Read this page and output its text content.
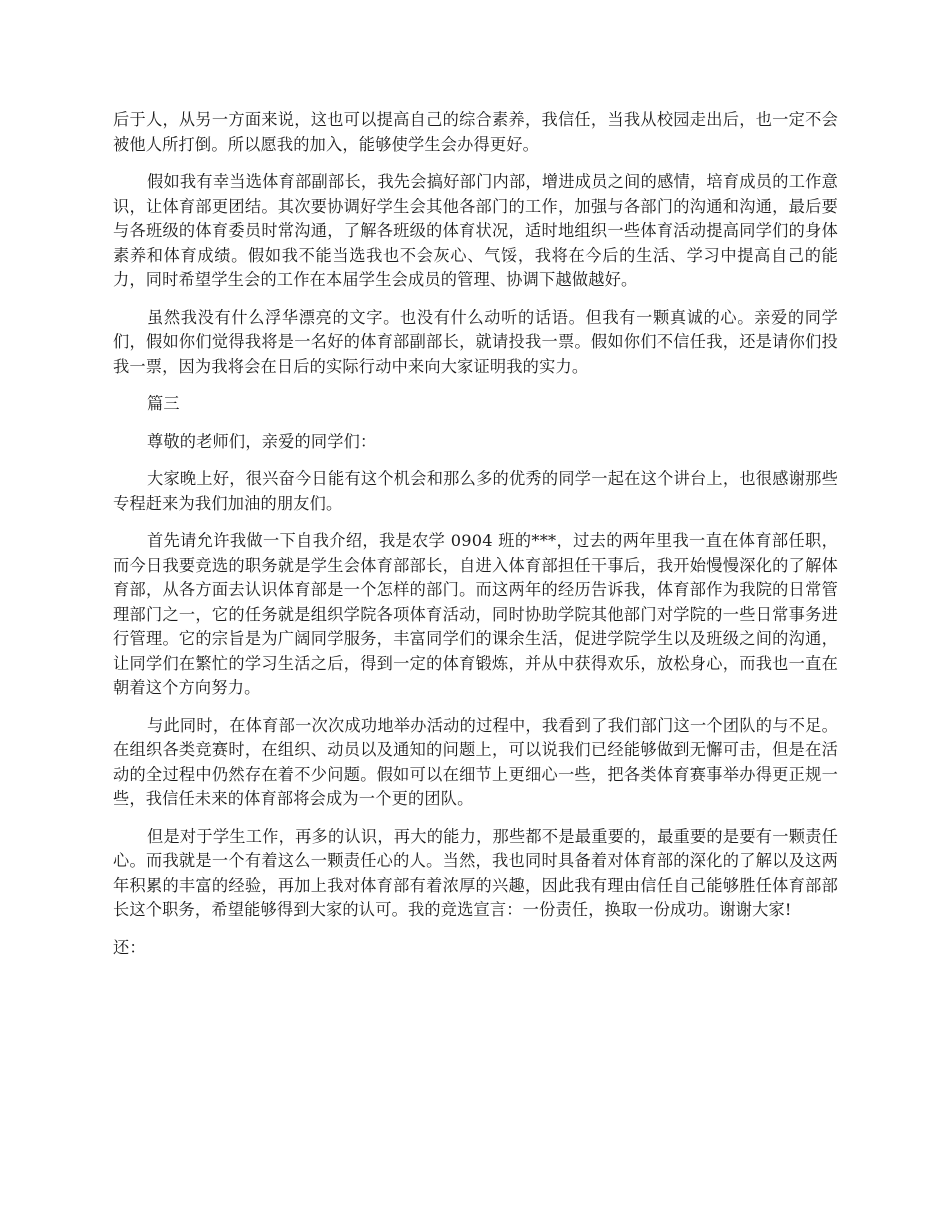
后于人，从另一方面来说，这也可以提高自己的综合素养，我信任，当我从校园走出后，也一定不会被他人所打倒。所以愿我的加入，能够使学生会办得更好。

假如我有幸当选体育部副部长，我先会搞好部门内部，增进成员之间的感情，培育成员的工作意识，让体育部更团结。其次要协调好学生会其他各部门的工作，加强与各部门的沟通和沟通，最后要与各班级的体育委员时常沟通，了解各班级的体育状况，适时地组织一些体育活动提高同学们的身体素养和体育成绩。假如我不能当选我也不会灰心、气馁，我将在今后的生活、学习中提高自己的能力，同时希望学生会的工作在本届学生会成员的管理、协调下越做越好。

虽然我没有什么浮华漂亮的文字。也没有什么动听的话语。但我有一颗真诚的心。亲爱的同学们，假如你们觉得我将是一名好的体育部副部长，就请投我一票。假如你们不信任我，还是请你们投我一票，因为我将会在日后的实际行动中来向大家证明我的实力。

篇三

尊敬的老师们，亲爱的同学们：

大家晚上好，很兴奋今日能有这个机会和那么多的优秀的同学一起在这个讲台上，也很感谢那些专程赶来为我们加油的朋友们。

首先请允许我做一下自我介绍，我是农学 0904 班的***，过去的两年里我一直在体育部任职，而今日我要竞选的职务就是学生会体育部部长，自进入体育部担任干事后，我开始慢慢深化的了解体育部，从各方面去认识体育部是一个怎样的部门。而这两年的经历告诉我，体育部作为我院的日常管理部门之一，它的任务就是组织学院各项体育活动，同时协助学院其他部门对学院的一些日常事务进行管理。它的宗旨是为广阔同学服务，丰富同学们的课余生活，促进学院学生以及班级之间的沟通，让同学们在繁忙的学习生活之后，得到一定的体育锻炼，并从中获得欢乐，放松身心，而我也一直在朝着这个方向努力。

与此同时，在体育部一次次成功地举办活动的过程中，我看到了我们部门这一个团队的与不足。在组织各类竞赛时，在组织、动员以及通知的问题上，可以说我们已经能够做到无懈可击，但是在活动的全过程中仍然存在着不少问题。假如可以在细节上更细心一些，把各类体育赛事举办得更正规一些，我信任未来的体育部将会成为一个更的团队。

但是对于学生工作，再多的认识，再大的能力，那些都不是最重要的，最重要的是要有一颗责任心。而我就是一个有着这么一颗责任心的人。当然，我也同时具备着对体育部的深化的了解以及这两年积累的丰富的经验，再加上我对体育部有着浓厚的兴趣，因此我有理由信任自己能够胜任体育部部长这个职务，希望能够得到大家的认可。我的竞选宣言：一份责任，换取一份成功。谢谢大家!

还：
